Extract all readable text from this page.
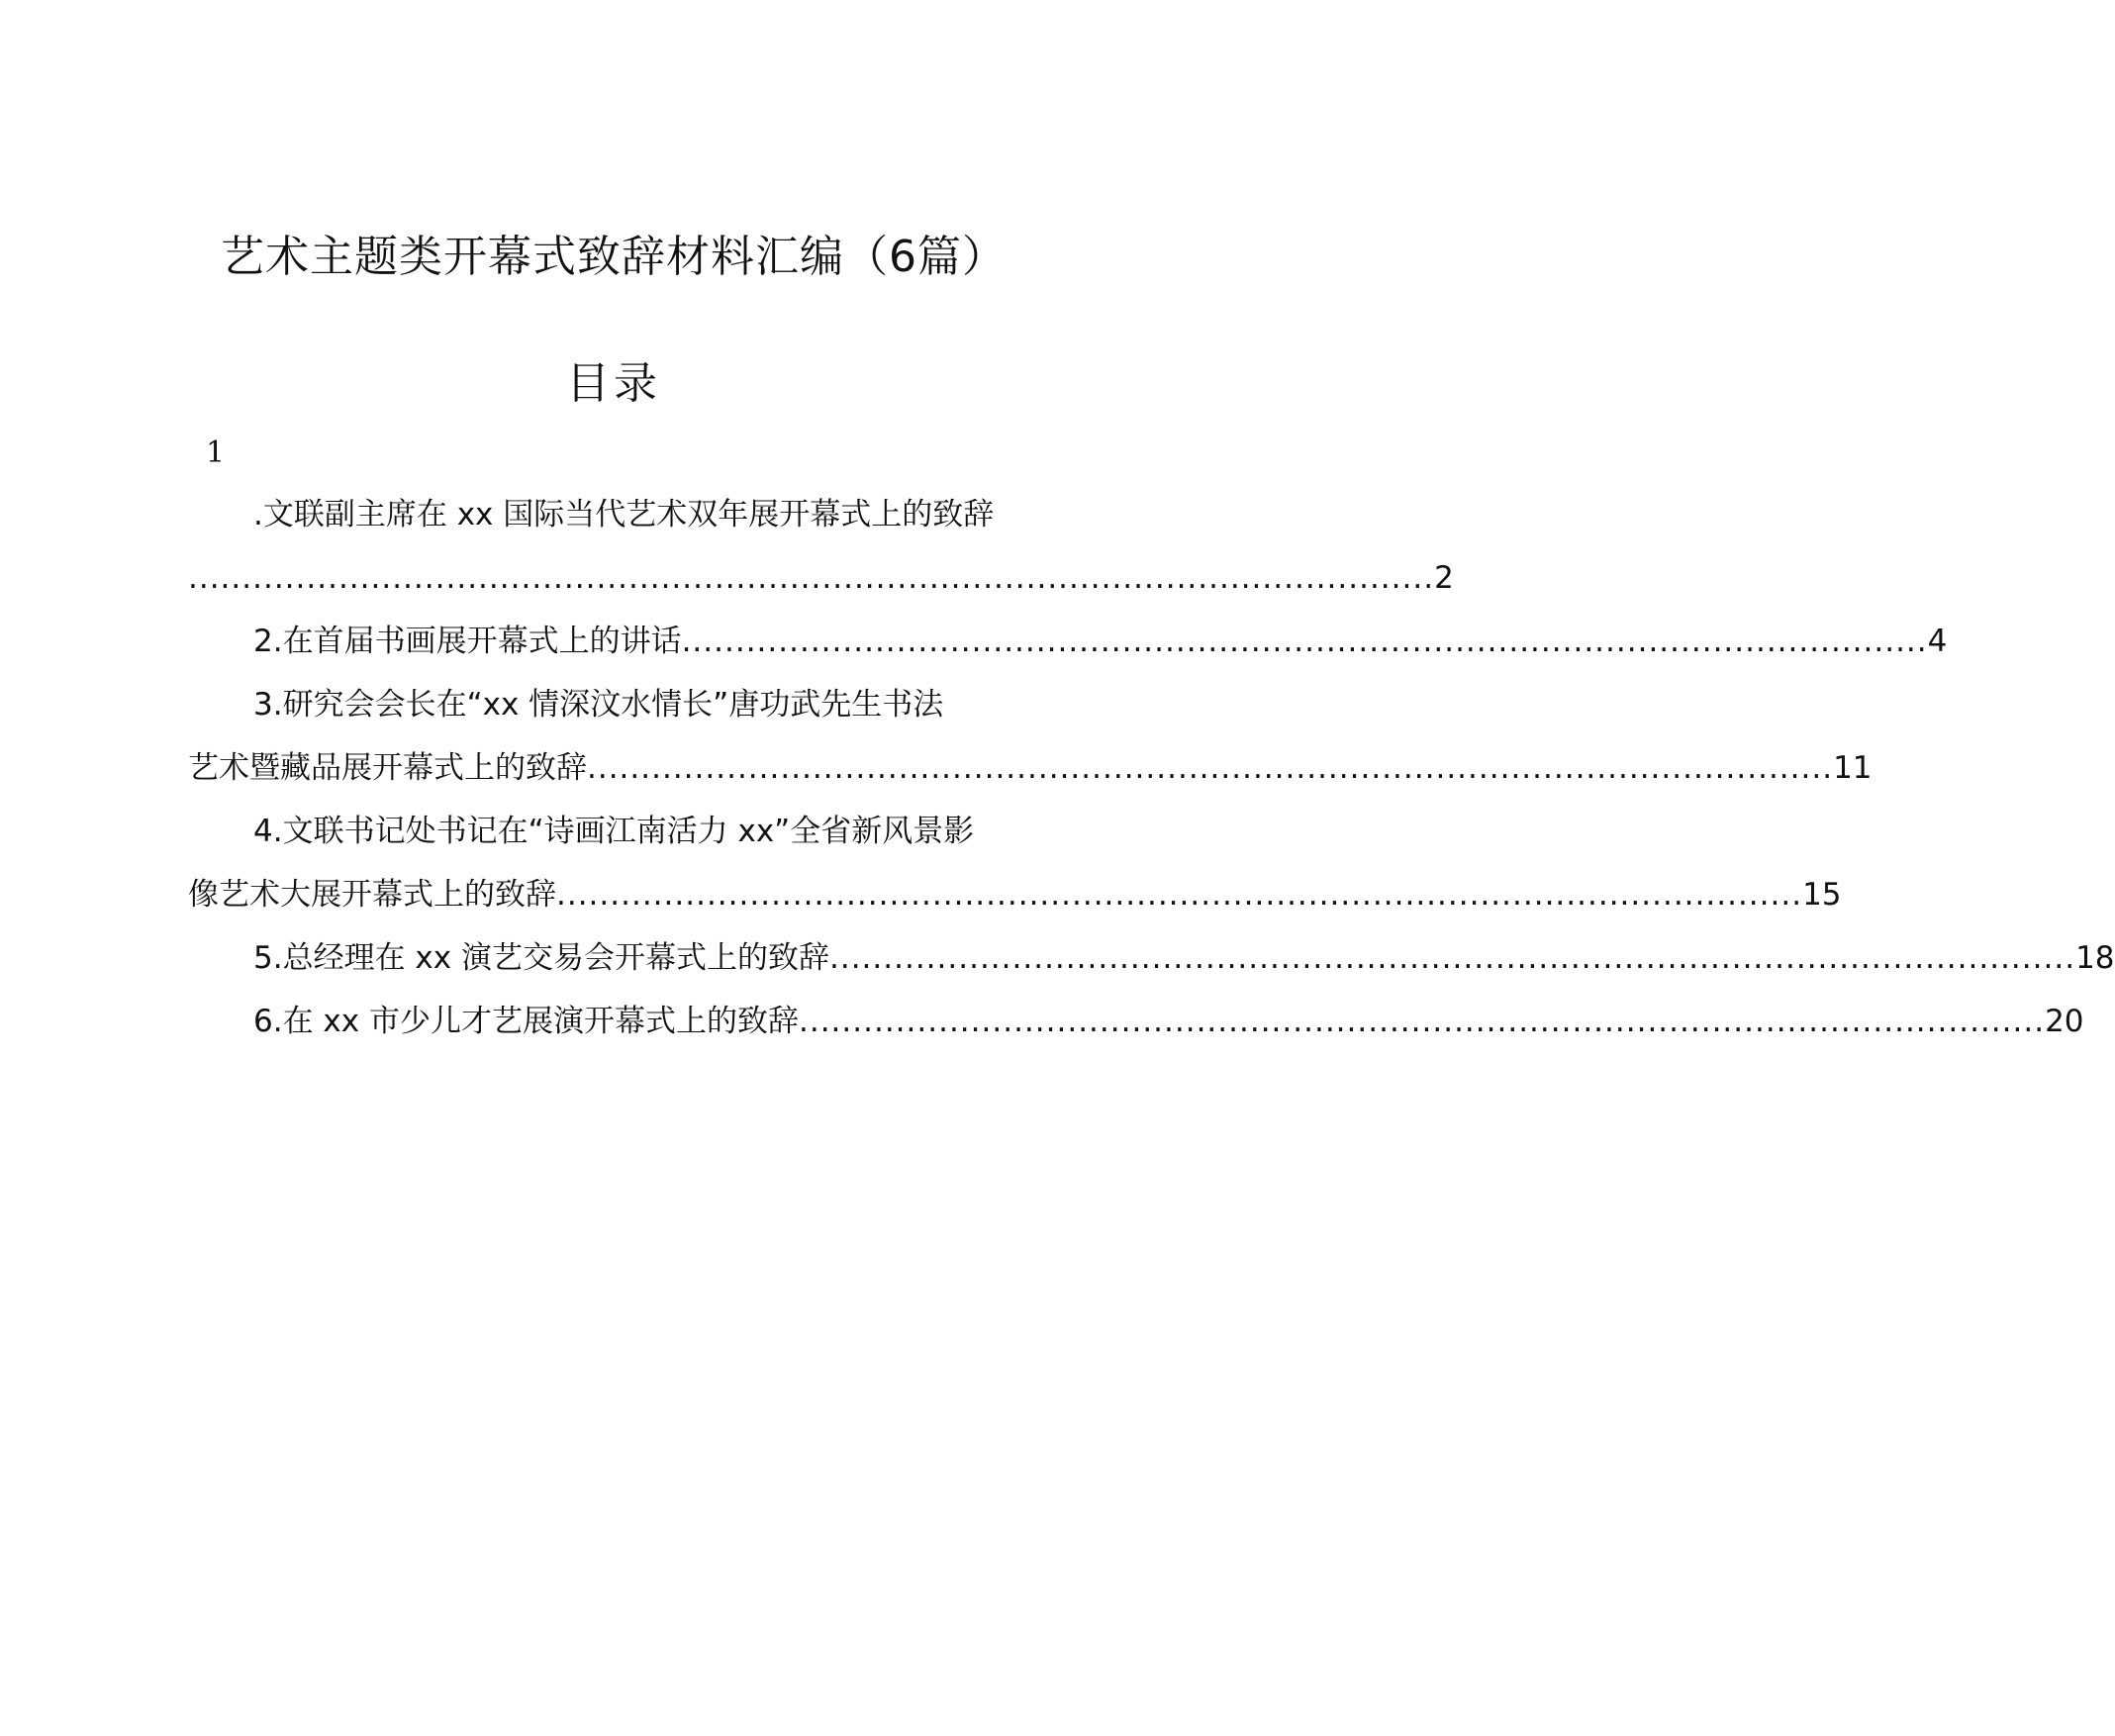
艺术主题类开幕式致辞材料汇编（6篇）
目录
1
.文联副主席在 xx 国际当代艺术双年展开幕式上的致辞
.................................................................................................................... 2
2.在首届书画展开幕式上的讲话 .................................................................................................................... 4
3.研究会会长在“xx 情深汶水情长”唐功武先生书法
艺术暨藏品展开幕式上的致辞 .................................................................................................................... 11
4.文联书记处书记在“诗画江南活力 xx”全省新风景影
像艺术大展开幕式上的致辞 .................................................................................................................... 15
5.总经理在 xx 演艺交易会开幕式上的致辞 .................................................................................................................... 18
6.在 xx 市少儿才艺展演开幕式上的致辞 .................................................................................................................... 20
